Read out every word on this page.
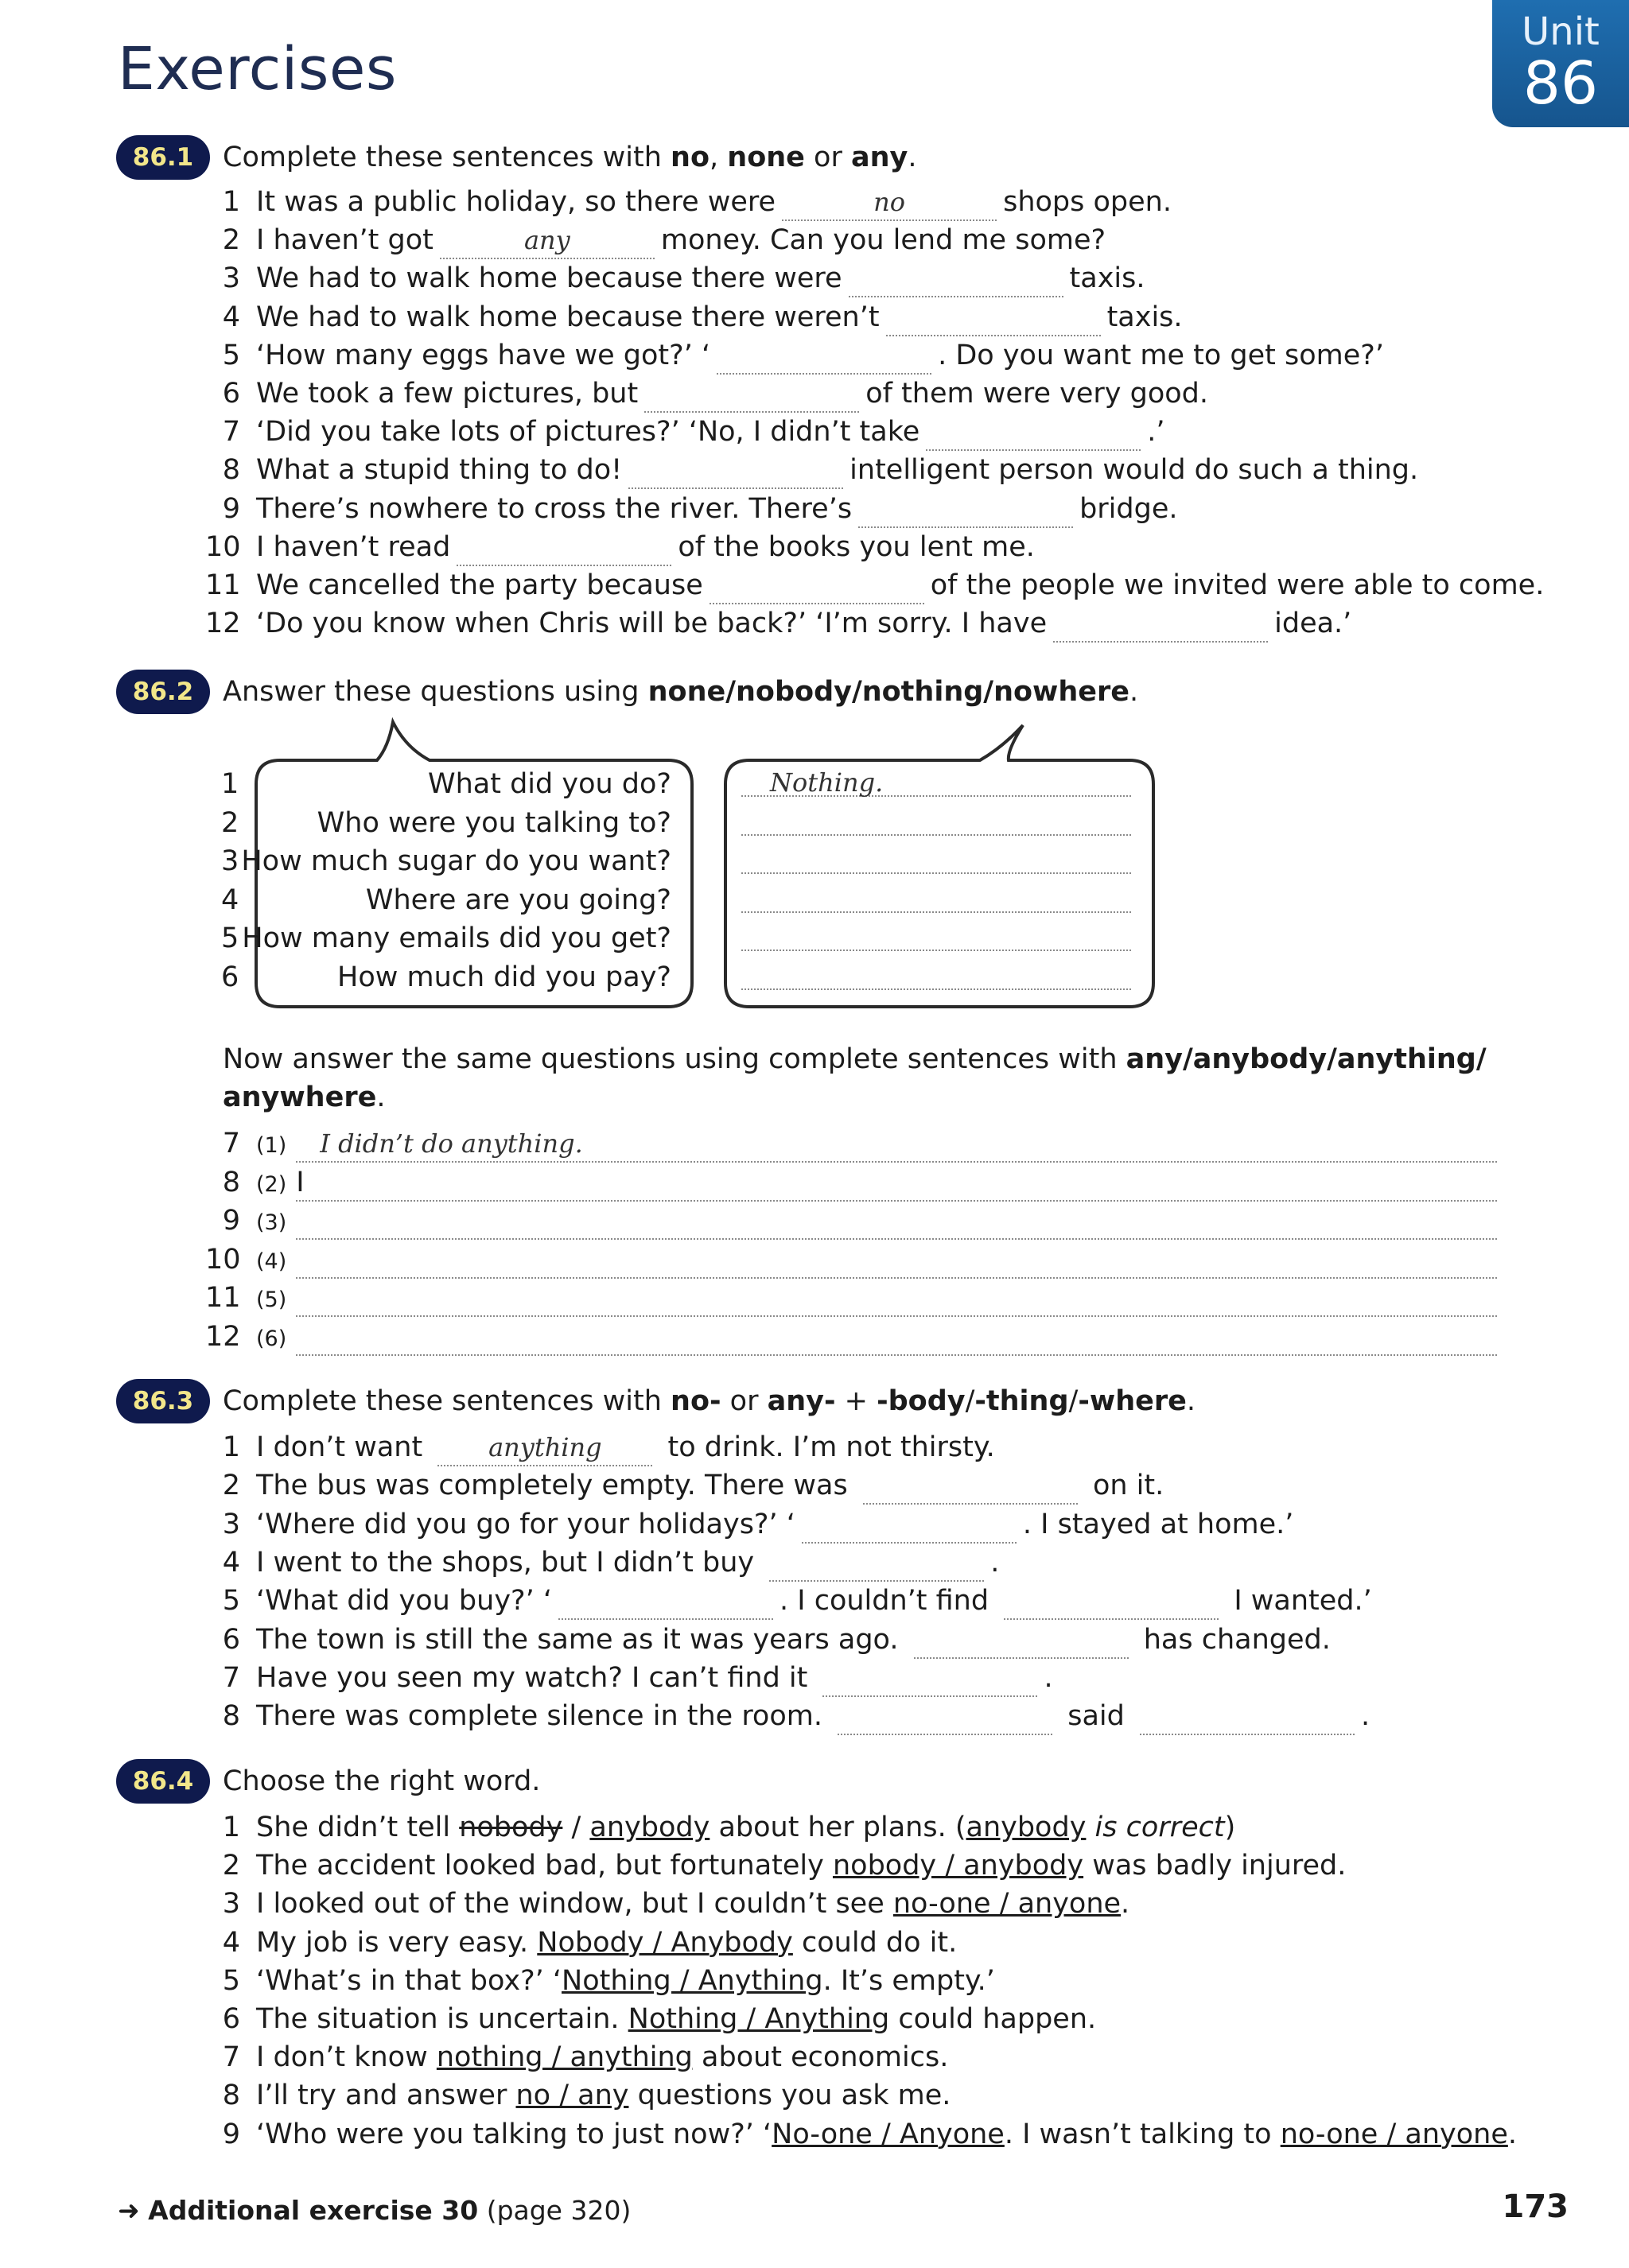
Exercises
Unit
86
86.1	Complete these sentences with no, none or any.
1 It was a public holiday, so there were	no	shops open.
2 I haven’t got	any	money. Can you lend me some?
3 We had to walk home because there were	taxis.
4 We had to walk home because there weren’t	taxis.
5 ‘How many eggs have we got?’ ‘	. Do you want me to get some?’
6 We took a few pictures, but	of them were very good.
7 ‘Did you take lots of pictures?’ ‘No, I didn’t take	.’
8 What a stupid thing to do!	intelligent person would do such a thing.
9 There’s nowhere to cross the river. There’s	bridge.
10 I haven’t read	of the books you lent me.
11 We cancelled the party because	of the people we invited were able to come.
12 ‘Do you know when Chris will be back?’ ‘I’m sorry. I have	idea.’
86.2	Answer these questions using none/nobody/nothing/nowhere.
1	What did you do?	Nothing.
2	Who were you talking to?
3 How much sugar do you want?
4	Where are you going?
5 How many emails did you get?
6	How much did you pay?
Now answer the same questions using complete sentences with any/anybody/anything/
anywhere.
7 (1) I didn’t do anything.
8 (2) I
9 (3)
10 (4)
11 (5)
12 (6)
86.3	Complete these sentences with no- or any- + -body/-thing/-where.
1 I don’t want anything to drink. I’m not thirsty.
2 The bus was completely empty. There was	on it.
3 ‘Where did you go for your holidays?’ ‘	. I stayed at home.’
4 I went to the shops, but I didn’t buy	.
5 ‘What did you buy?’ ‘	. I couldn’t find	I wanted.’
6 The town is still the same as it was years ago.	has changed.
7 Have you seen my watch? I can’t find it	.
8 There was complete silence in the room.	said	.
86.4	Choose the right word.
1 She didn’t tell nobody / anybody about her plans. (anybody is correct)
2 The accident looked bad, but fortunately nobody / anybody was badly injured.
3 I looked out of the window, but I couldn’t see no-one / anyone.
4 My job is very easy. Nobody / Anybody could do it.
5 ‘What’s in that box?’ ‘Nothing / Anything. It’s empty.’
6 The situation is uncertain. Nothing / Anything could happen.
7 I don’t know nothing / anything about economics.
8 I’ll try and answer no / any questions you ask me.
9 ‘Who were you talking to just now?’ ‘No-one / Anyone. I wasn’t talking to no-one / anyone.
➜ Additional exercise 30 (page 320)	173
